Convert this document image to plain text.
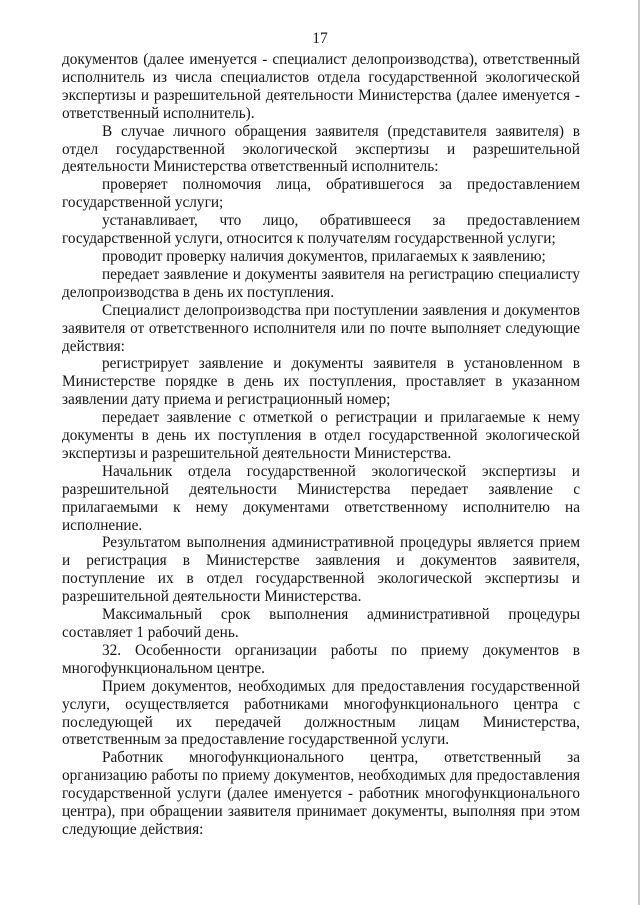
17

документов (далее именуется - специалист делопроизводства), ответственный исполнитель из числа специалистов отдела государственной экологической экспертизы и разрешительной деятельности Министерства (далее именуется - ответственный исполнитель).

В случае личного обращения заявителя (представителя заявителя) в отдел государственной экологической экспертизы и разрешительной деятельности Министерства ответственный исполнитель:

проверяет полномочия лица, обратившегося за предоставлением государственной услуги;

устанавливает, что лицо, обратившееся за предоставлением государственной услуги, относится к получателям государственной услуги;

проводит проверку наличия документов, прилагаемых к заявлению;

передает заявление и документы заявителя на регистрацию специалисту делопроизводства в день их поступления.

Специалист делопроизводства при поступлении заявления и документов заявителя от ответственного исполнителя или по почте выполняет следующие действия:

регистрирует заявление и документы заявителя в установленном в Министерстве порядке в день их поступления, проставляет в указанном заявлении дату приема и регистрационный номер;

передает заявление с отметкой о регистрации и прилагаемые к нему документы в день их поступления в отдел государственной экологической экспертизы и разрешительной деятельности Министерства.

Начальник отдела государственной экологической экспертизы и разрешительной деятельности Министерства передает заявление с прилагаемыми к нему документами ответственному исполнителю на исполнение.

Результатом выполнения административной процедуры является прием и регистрация в Министерстве заявления и документов заявителя, поступление их в отдел государственной экологической экспертизы и разрешительной деятельности Министерства.

Максимальный срок выполнения административной процедуры составляет 1 рабочий день.

32. Особенности организации работы по приему документов в многофункциональном центре.

Прием документов, необходимых для предоставления государственной услуги, осуществляется работниками многофункционального центра с последующей их передачей должностным лицам Министерства, ответственным за предоставление государственной услуги.

Работник многофункционального центра, ответственный за организацию работы по приему документов, необходимых для предоставления государственной услуги (далее именуется - работник многофункционального центра), при обращении заявителя принимает документы, выполняя при этом следующие действия:
